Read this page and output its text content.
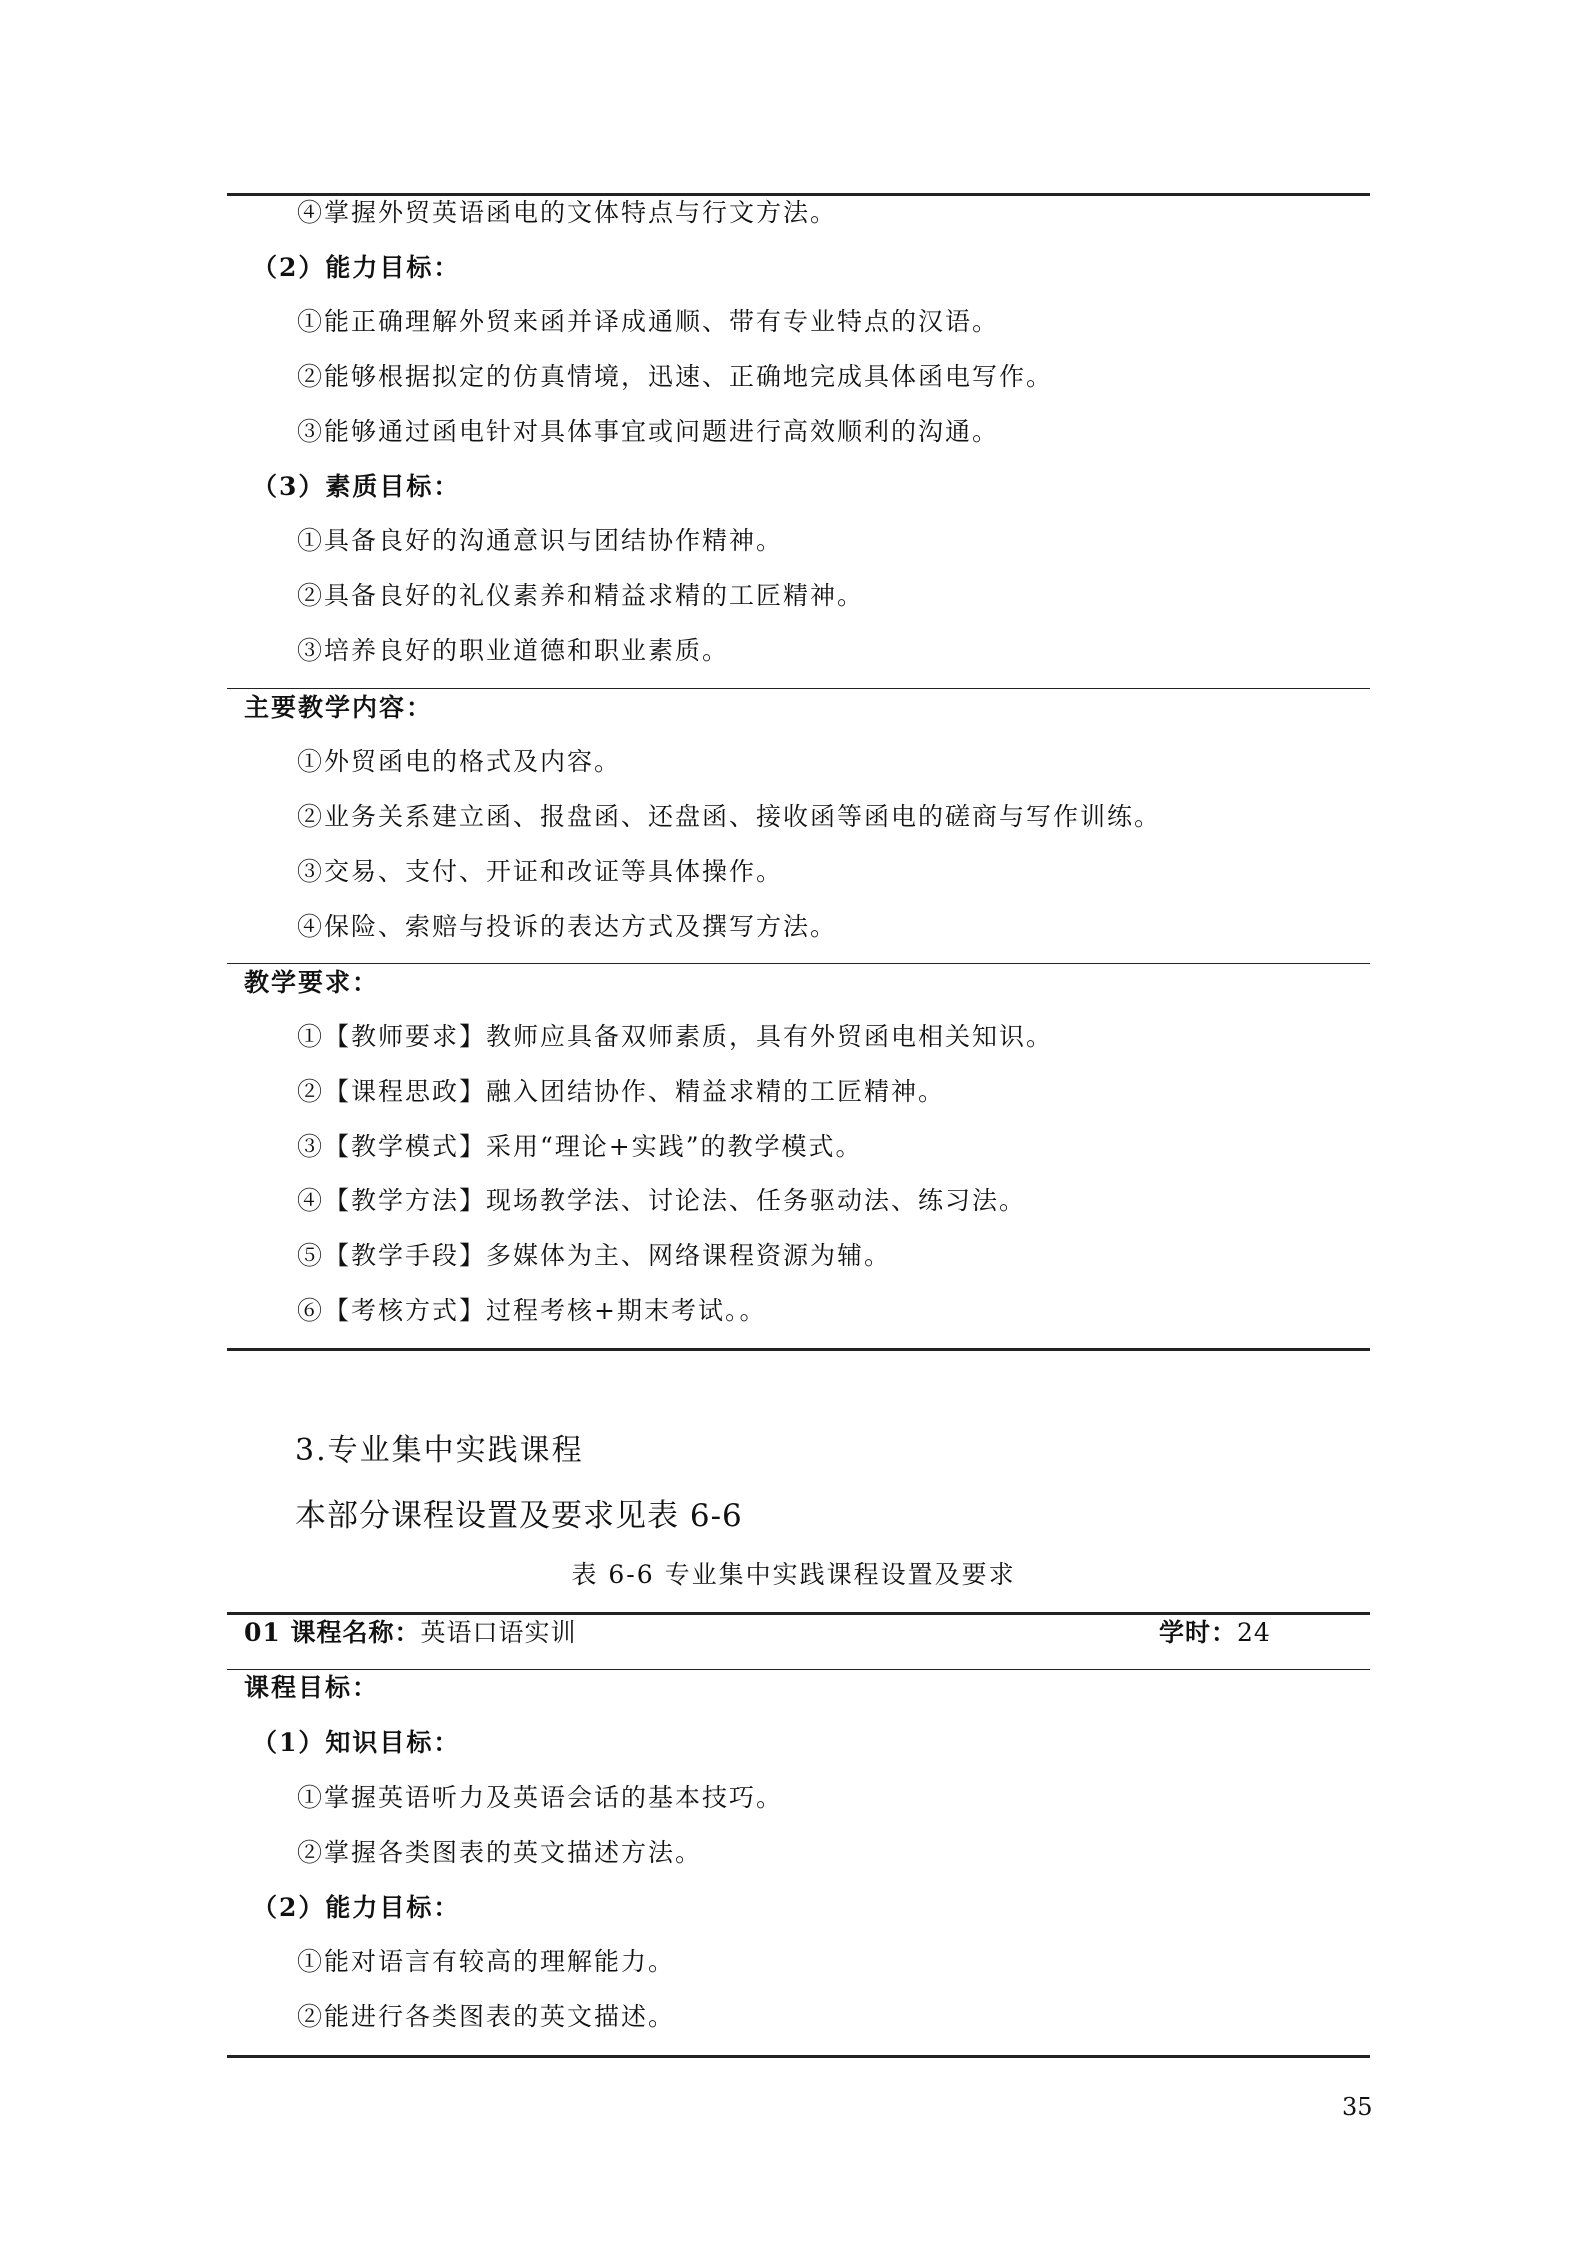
④掌握外贸英语函电的文体特点与行文方法。
（2）能力目标：
①能正确理解外贸来函并译成通顺、带有专业特点的汉语。
②能够根据拟定的仿真情境，迅速、正确地完成具体函电写作。
③能够通过函电针对具体事宜或问题进行高效顺利的沟通。
（3）素质目标：
①具备良好的沟通意识与团结协作精神。
②具备良好的礼仪素养和精益求精的工匠精神。
③培养良好的职业道德和职业素质。
主要教学内容：
①外贸函电的格式及内容。
②业务关系建立函、报盘函、还盘函、接收函等函电的磋商与写作训练。
③交易、支付、开证和改证等具体操作。
④保险、索赔与投诉的表达方式及撰写方法。
教学要求：
①【教师要求】教师应具备双师素质，具有外贸函电相关知识。
②【课程思政】融入团结协作、精益求精的工匠精神。
③【教学模式】采用“理论+实践”的教学模式。
④【教学方法】现场教学法、讨论法、任务驱动法、练习法。
⑤【教学手段】多媒体为主、网络课程资源为辅。
⑥【考核方式】过程考核+期末考试。。
3.专业集中实践课程
本部分课程设置及要求见表 6-6
表 6-6 专业集中实践课程设置及要求
01 课程名称：英语口语实训	学时：24
课程目标：
（1）知识目标：
①掌握英语听力及英语会话的基本技巧。
②掌握各类图表的英文描述方法。
（2）能力目标：
①能对语言有较高的理解能力。
②能进行各类图表的英文描述。
35
